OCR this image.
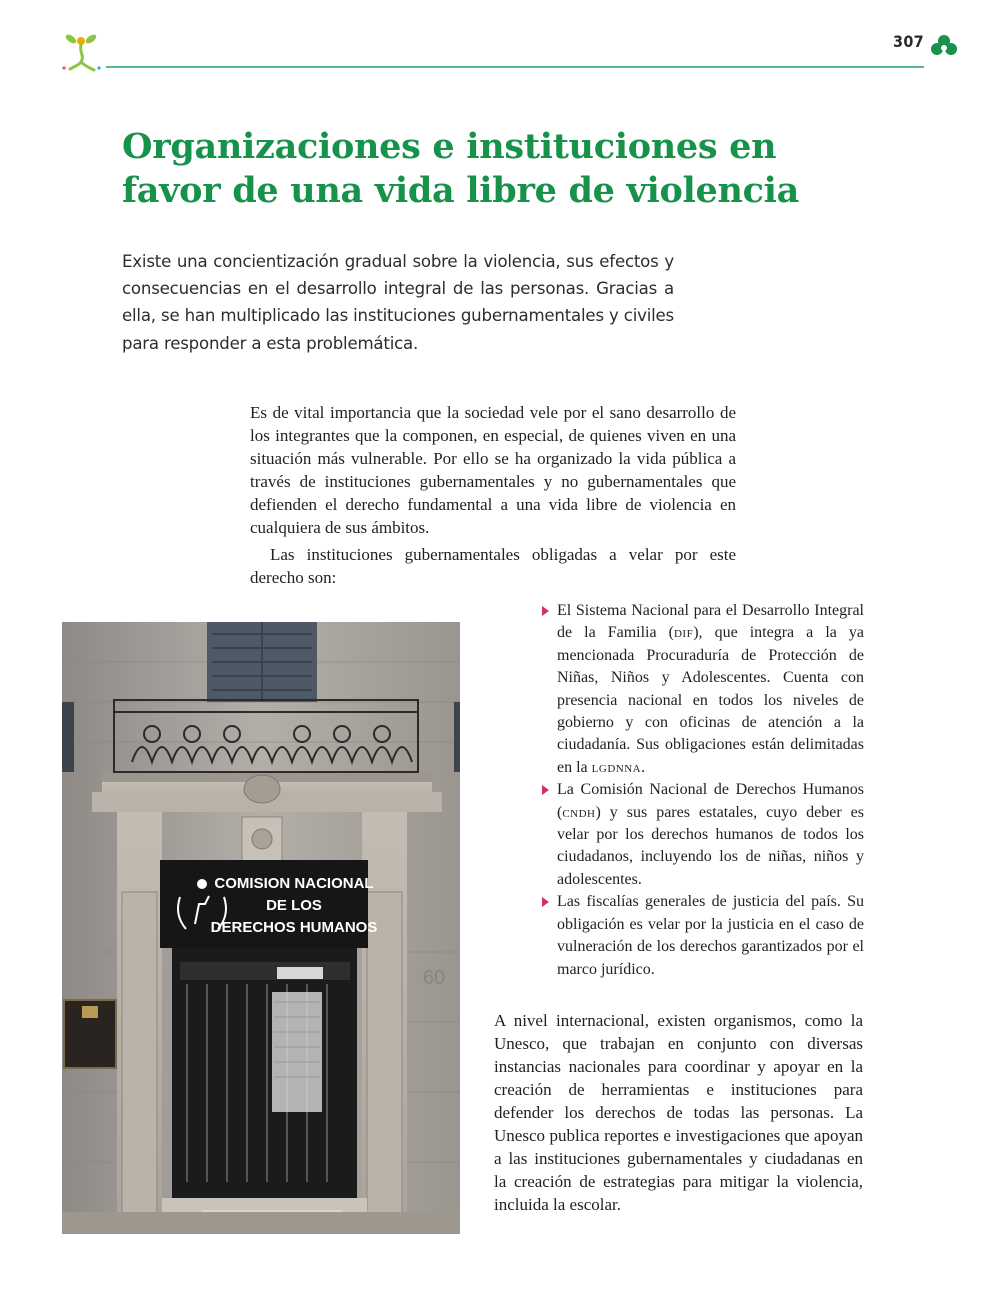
307
Organizaciones e instituciones en
favor de una vida libre de violencia

Existe una concientización gradual sobre la violencia, sus efectos y consecuencias en el desarrollo integral de las personas. Gracias a ella, se han multiplicado las instituciones gubernamentales y civiles para responder a esta problemática.

Es de vital importancia que la sociedad vele por el sano desarrollo de los integrantes que la componen, en especial, de quienes viven en una situación más vulnerable. Por ello se ha organizado la vida pública a través de instituciones gubernamentales y no gubernamentales que defienden el derecho fundamental a una vida libre de violencia en cualquiera de sus ámbitos.

Las instituciones gubernamentales obligadas a velar por este derecho son:

El Sistema Nacional para el Desarrollo Integral de la Familia (dif), que integra a la ya mencionada Procuraduría de Protección de Niñas, Niños y Adolescentes. Cuenta con presencia nacional en todos los niveles de gobierno y con oficinas de atención a la ciudadanía. Sus obligaciones están delimitadas en la lgdnna.
La Comisión Nacional de Derechos Humanos (cndh) y sus pares estatales, cuyo deber es velar por los derechos humanos de todos los ciudadanos, incluyendo los de niñas, niños y adolescentes.
Las fiscalías generales de justicia del país. Su obligación es velar por la justicia en el caso de vulneración de los derechos garantizados por el marco jurídico.

A nivel internacional, existen organismos, como la Unesco, que trabajan en conjunto con diversas instancias nacionales para coordinar y apoyar en la creación de herramientas e instituciones para defender los derechos de todas las personas. La Unesco publica reportes e investigaciones que apoyan a las instituciones gubernamentales y ciudadanas en la creación de estrategias para mitigar la violencia, incluida la escolar.

COMISION NACIONAL
DE LOS
DERECHOS HUMANOS
60
